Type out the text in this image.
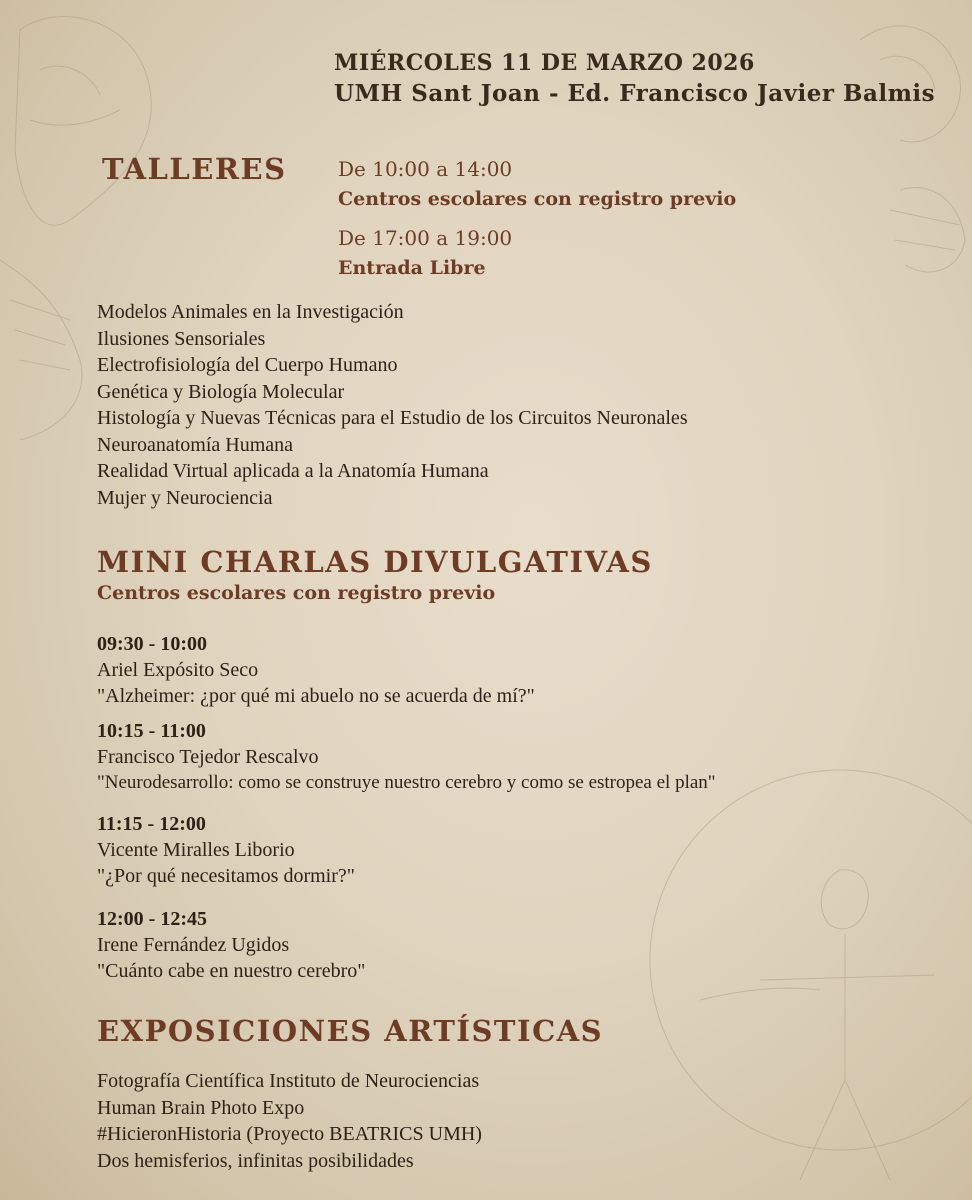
MIÉRCOLES 11 DE MARZO 2026
UMH Sant Joan - Ed. Francisco Javier Balmis
TALLERES	De 10:00 a 14:00
Centros escolares con registro previo
De 17:00 a 19:00
Entrada Libre
Modelos Animales en la Investigación
Ilusiones Sensoriales
Electrofisiología del Cuerpo Humano
Genética y Biología Molecular
Histología y Nuevas Técnicas para el Estudio de los Circuitos Neuronales
Neuroanatomía Humana
Realidad Virtual aplicada a la Anatomía Humana
Mujer y Neurociencia
MINI CHARLAS DIVULGATIVAS
Centros escolares con registro previo
09:30 - 10:00
Ariel Expósito Seco
"Alzheimer: ¿por qué mi abuelo no se acuerda de mí?"
10:15 - 11:00
Francisco Tejedor Rescalvo
"Neurodesarrollo: como se construye nuestro cerebro y como se estropea el plan"
11:15 - 12:00
Vicente Miralles Liborio
"¿Por qué necesitamos dormir?"
12:00 - 12:45
Irene Fernández Ugidos
"Cuánto cabe en nuestro cerebro"
EXPOSICIONES ARTÍSTICAS
Fotografía Científica Instituto de Neurociencias
Human Brain Photo Expo
#HicieronHistoria (Proyecto BEATRICS UMH)
Dos hemisferios, infinitas posibilidades
